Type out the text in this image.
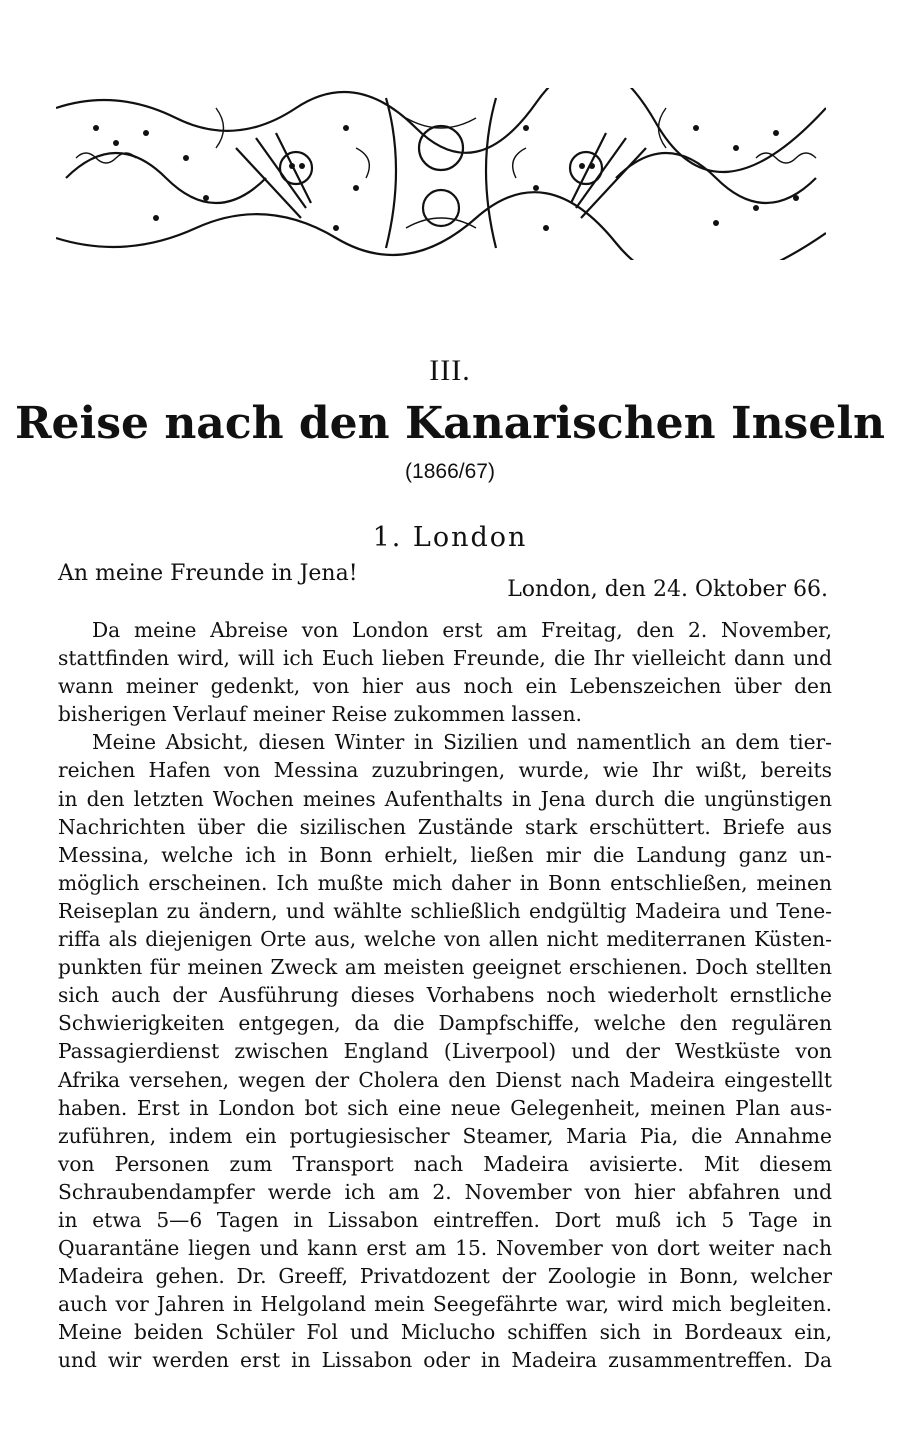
III.
Reise nach den Kanarischen Inseln
(1866/67)
1. London
An meine Freunde in Jena!
London, den 24. Oktober 66.
Da meine Abreise von London erst am Freitag, den 2. November,
stattfinden wird, will ich Euch lieben Freunde, die Ihr vielleicht dann und
wann meiner gedenkt, von hier aus noch ein Lebenszeichen über den
bisherigen Verlauf meiner Reise zukommen lassen.
Meine Absicht, diesen Winter in Sizilien und namentlich an dem tier-
reichen Hafen von Messina zuzubringen, wurde, wie Ihr wißt, bereits
in den letzten Wochen meines Aufenthalts in Jena durch die ungünstigen
Nachrichten über die sizilischen Zustände stark erschüttert. Briefe aus
Messina, welche ich in Bonn erhielt, ließen mir die Landung ganz un-
möglich erscheinen. Ich mußte mich daher in Bonn entschließen, meinen
Reiseplan zu ändern, und wählte schließlich endgültig Madeira und Tene-
riffa als diejenigen Orte aus, welche von allen nicht mediterranen Küsten-
punkten für meinen Zweck am meisten geeignet erschienen. Doch stellten
sich auch der Ausführung dieses Vorhabens noch wiederholt ernstliche
Schwierigkeiten entgegen, da die Dampfschiffe, welche den regulären
Passagierdienst zwischen England (Liverpool) und der Westküste von
Afrika versehen, wegen der Cholera den Dienst nach Madeira eingestellt
haben. Erst in London bot sich eine neue Gelegenheit, meinen Plan aus-
zuführen, indem ein portugiesischer Steamer, Maria Pia, die Annahme
von Personen zum Transport nach Madeira avisierte. Mit diesem
Schraubendampfer werde ich am 2. November von hier abfahren und
in etwa 5—6 Tagen in Lissabon eintreffen. Dort muß ich 5 Tage in
Quarantäne liegen und kann erst am 15. November von dort weiter nach
Madeira gehen. Dr. Greeff, Privatdozent der Zoologie in Bonn, welcher
auch vor Jahren in Helgoland mein Seegefährte war, wird mich begleiten.
Meine beiden Schüler Fol und Miclucho schiffen sich in Bordeaux ein,
und wir werden erst in Lissabon oder in Madeira zusammentreffen. Da
